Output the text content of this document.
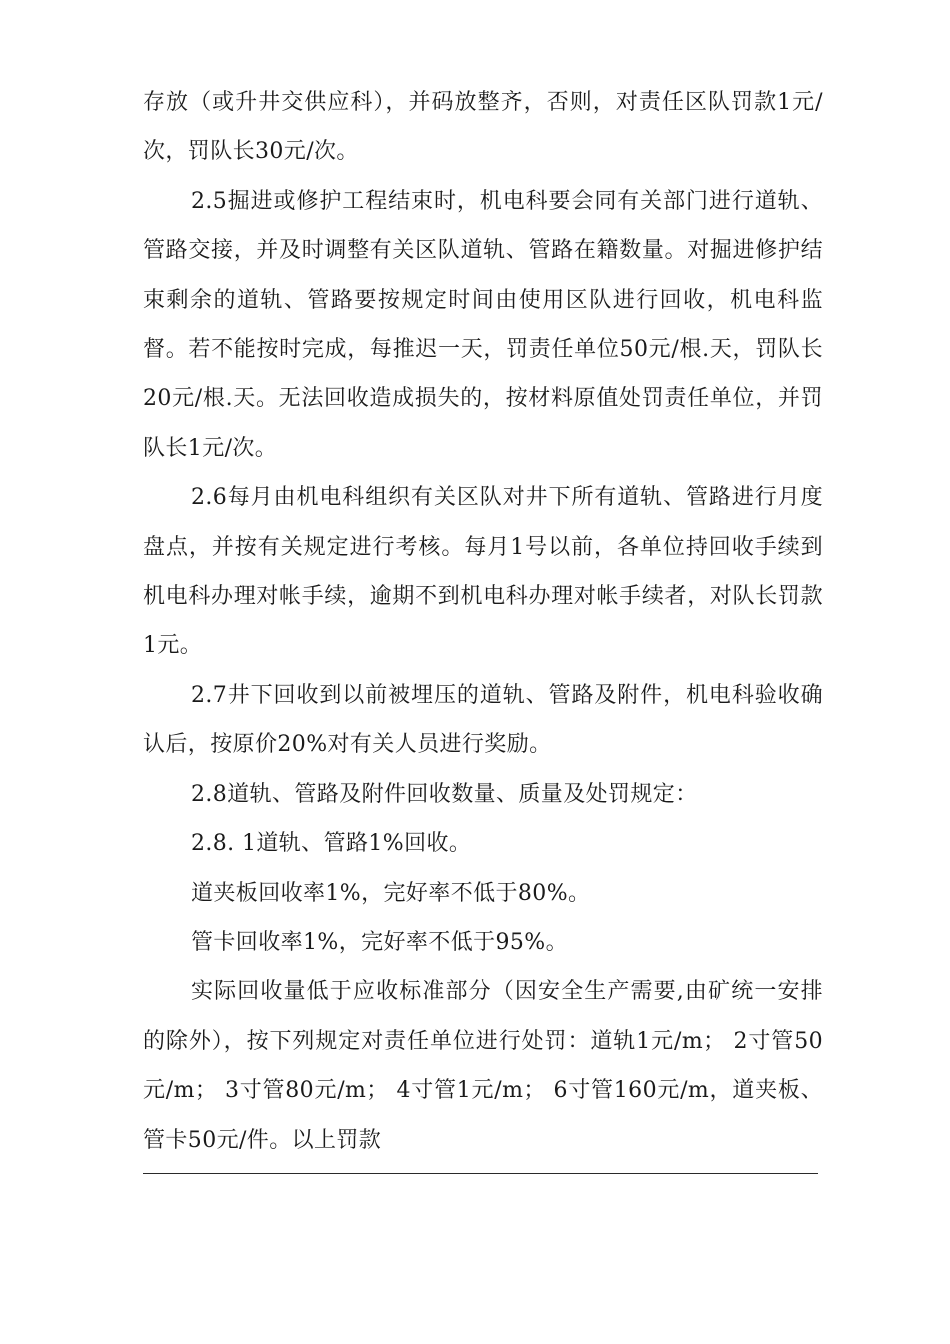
存放（或升井交供应科），并码放整齐，否则，对责任区队罚款1元/次，罚队长30元/次。

2.5掘进或修护工程结束时，机电科要会同有关部门进行道轨、管路交接，并及时调整有关区队道轨、管路在籍数量。对掘进修护结束剩余的道轨、管路要按规定时间由使用区队进行回收，机电科监督。若不能按时完成，每推迟一天，罚责任单位50元/根.天，罚队长20元/根.天。无法回收造成损失的，按材料原值处罚责任单位，并罚队长1元/次。

2.6每月由机电科组织有关区队对井下所有道轨、管路进行月度盘点，并按有关规定进行考核。每月1号以前，各单位持回收手续到机电科办理对帐手续，逾期不到机电科办理对帐手续者，对队长罚款1元。

2.7井下回收到以前被埋压的道轨、管路及附件，机电科验收确认后，按原价20%对有关人员进行奖励。

2.8道轨、管路及附件回收数量、质量及处罚规定：

2.8. 1道轨、管路1%回收。

道夹板回收率1%，完好率不低于80%。

管卡回收率1%，完好率不低于95%。

实际回收量低于应收标准部分（因安全生产需要,由矿统一安排的除外），按下列规定对责任单位进行处罚：道轨1元/m； 2寸管50元/m； 3寸管80元/m； 4寸管1元/m； 6寸管160元/m，道夹板、管卡50元/件。以上罚款
